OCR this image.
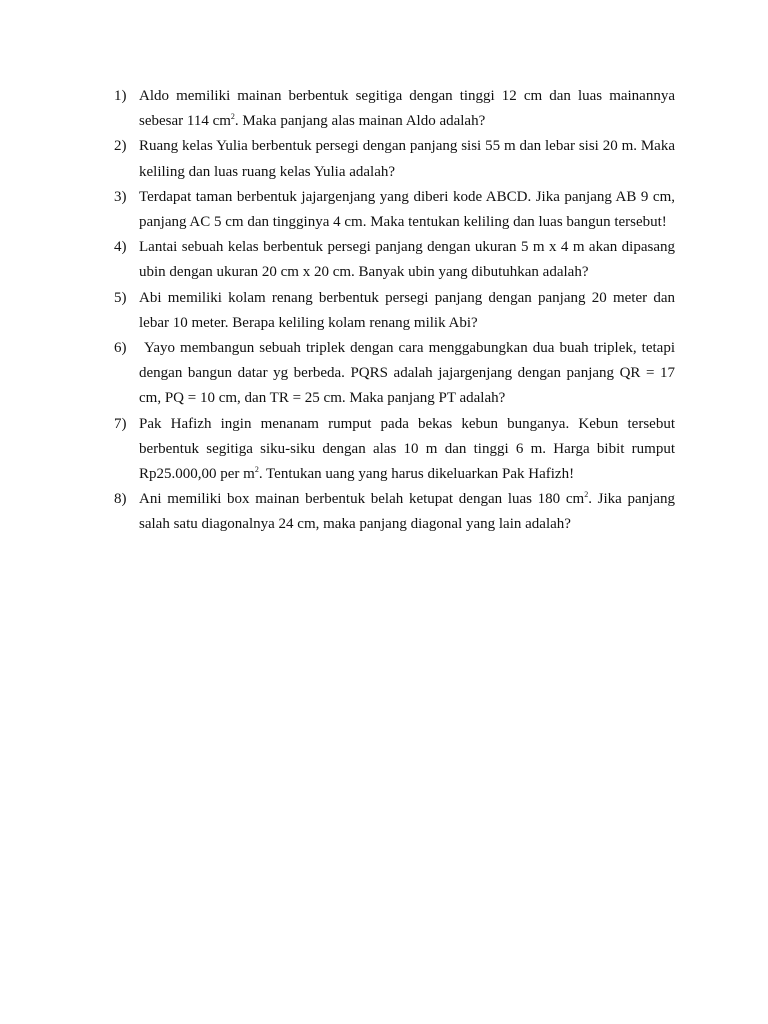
1) Aldo memiliki mainan berbentuk segitiga dengan tinggi 12 cm dan luas mainannya sebesar 114 $cm^2$. Maka panjang alas mainan Aldo adalah?
2) Ruang kelas Yulia berbentuk persegi dengan panjang sisi 55 m dan lebar sisi 20 m. Maka keliling dan luas ruang kelas Yulia adalah?
3) Terdapat taman berbentuk jajargenjang yang diberi kode ABCD. Jika panjang AB 9 cm, panjang AC 5 cm dan tingginya 4 cm. Maka tentukan keliling dan luas bangun tersebut!
4) Lantai sebuah kelas berbentuk persegi panjang dengan ukuran 5 m x 4 m akan dipasang ubin dengan ukuran 20 cm x 20 cm. Banyak ubin yang dibutuhkan adalah?
5) Abi memiliki kolam renang berbentuk persegi panjang dengan panjang 20 meter dan lebar 10 meter. Berapa keliling kolam renang milik Abi?
6)	Yayo membangun sebuah triplek dengan cara menggabungkan dua buah triplek, tetapi dengan bangun datar yg berbeda. PQRS adalah jajargenjang dengan panjang QR = 17 cm, PQ = 10 cm, dan TR = 25 cm. Maka panjang PT adalah?
7) Pak Hafizh ingin menanam rumput pada bekas kebun bunganya. Kebun tersebut berbentuk segitiga siku-siku dengan alas 10 m dan tinggi 6 m. Harga bibit rumput Rp25.000,00 per $m^2$. Tentukan uang yang harus dikeluarkan Pak Hafizh!
8) Ani memiliki box mainan berbentuk belah ketupat dengan luas 180 $cm^2$. Jika panjang salah satu diagonalnya 24 cm, maka panjang diagonal yang lain adalah?
